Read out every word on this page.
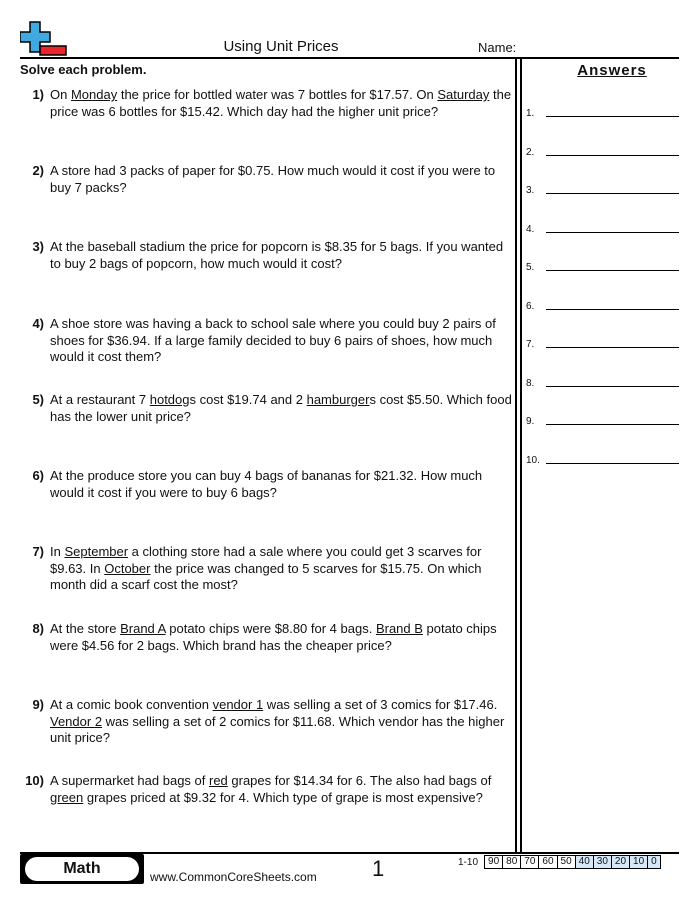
Using Unit Prices	Name:
Solve each problem.	Answers
1) On Monday the price for bottled water was 7 bottles for $17.57. On Saturday the price was 6 bottles for $15.42. Which day had the higher unit price?
2) A store had 3 packs of paper for $0.75. How much would it cost if you were to buy 7 packs?
3) At the baseball stadium the price for popcorn is $8.35 for 5 bags. If you wanted to buy 2 bags of popcorn, how much would it cost?
4) A shoe store was having a back to school sale where you could buy 2 pairs of shoes for $36.94. If a large family decided to buy 6 pairs of shoes, how much would it cost them?
5) At a restaurant 7 hotdogs cost $19.74 and 2 hamburgers cost $5.50. Which food has the lower unit price?
6) At the produce store you can buy 4 bags of bananas for $21.32. How much would it cost if you were to buy 6 bags?
7) In September a clothing store had a sale where you could get 3 scarves for $9.63. In October the price was changed to 5 scarves for $15.75. On which month did a scarf cost the most?
8) At the store Brand A potato chips were $8.80 for 4 bags. Brand B potato chips were $4.56 for 2 bags. Which brand has the cheaper price?
9) At a comic book convention vendor 1 was selling a set of 3 comics for $17.46. Vendor 2 was selling a set of 2 comics for $11.68. Which vendor has the higher unit price?
10) A supermarket had bags of red grapes for $14.34 for 6. The also had bags of green grapes priced at $9.32 for 4. Which type of grape is most expensive?
1.
2.
3.
4.
5.
6.
7.
8.
9.
10.
Math	www.CommonCoreSheets.com	1	1-10	90 80 70 60 50 40 30 20 10 0
